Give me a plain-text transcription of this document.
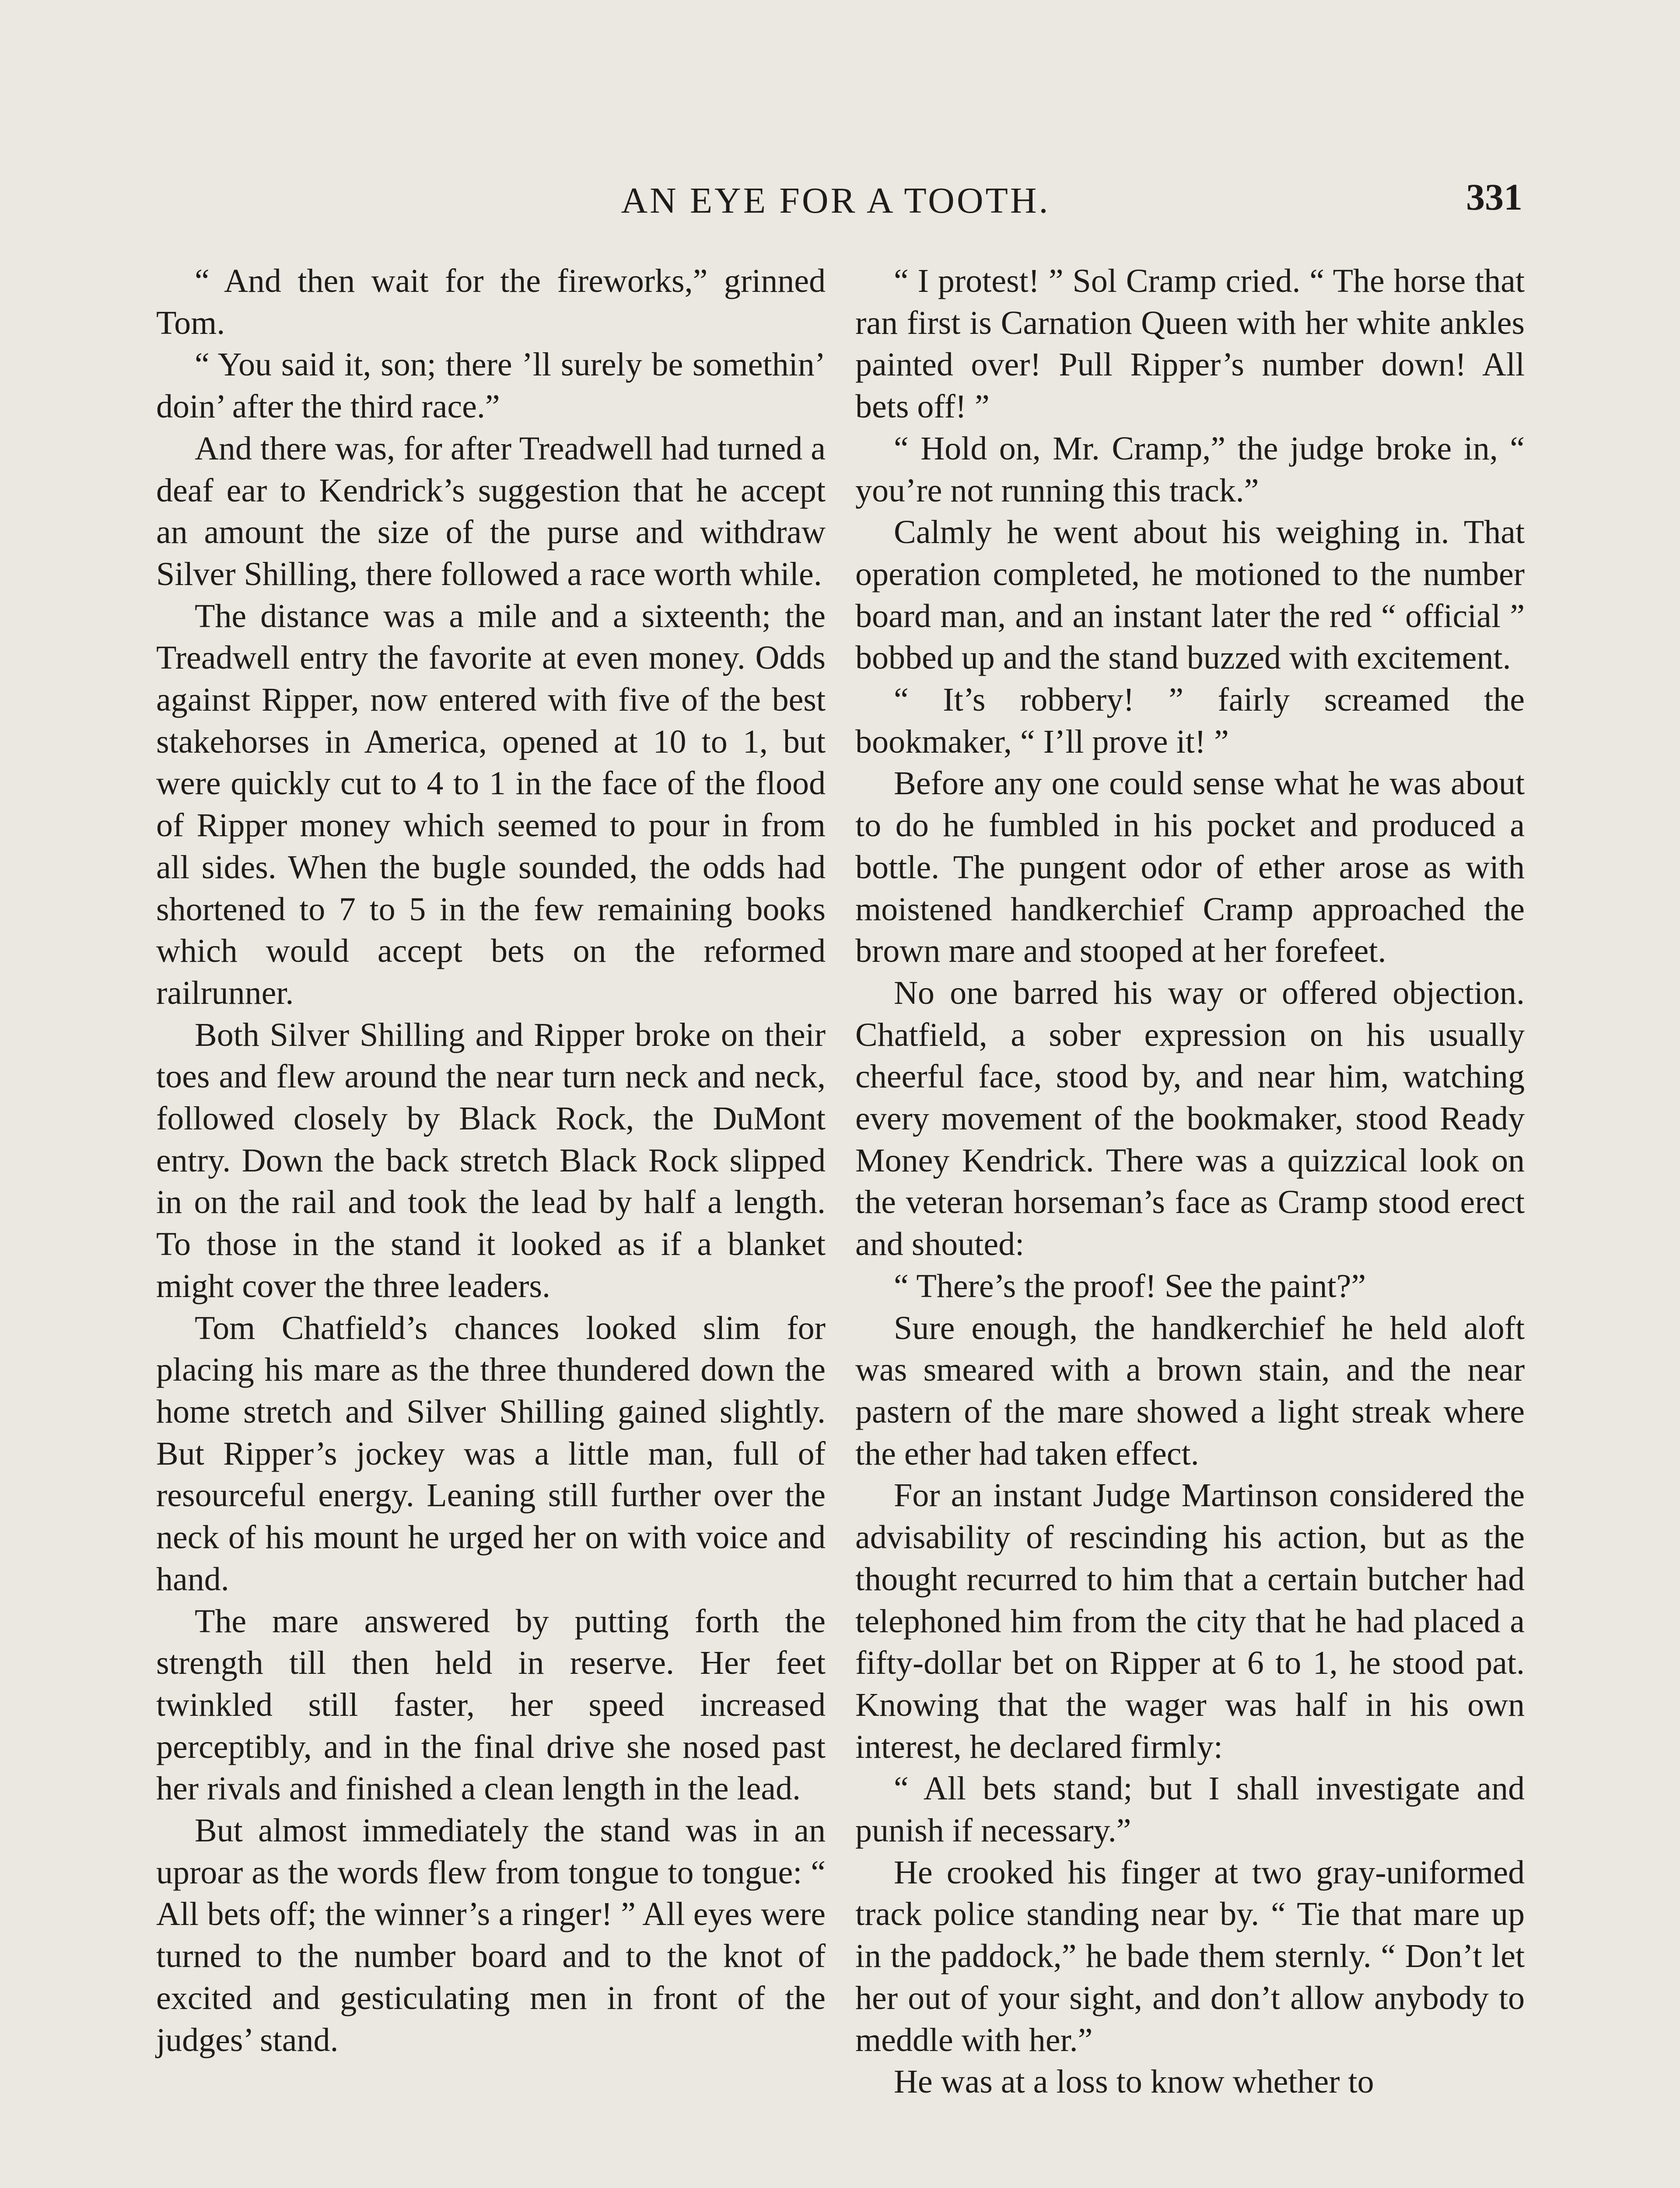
AN EYE FOR A TOOTH.	331

“ And then wait for the fireworks,” grinned Tom.

“ You said it, son; there ’ll surely be somethin’ doin’ after the third race.”

And there was, for after Treadwell had turned a deaf ear to Kendrick’s suggestion that he accept an amount the size of the purse and withdraw Silver Shilling, there followed a race worth while.

The distance was a mile and a sixteenth; the Treadwell entry the favorite at even money. Odds against Ripper, now entered with five of the best stakehorses in America, opened at 10 to 1, but were quickly cut to 4 to 1 in the face of the flood of Ripper money which seemed to pour in from all sides. When the bugle sounded, the odds had shortened to 7 to 5 in the few remaining books which would accept bets on the reformed railrunner.

Both Silver Shilling and Ripper broke on their toes and flew around the near turn neck and neck, followed closely by Black Rock, the DuMont entry. Down the back stretch Black Rock slipped in on the rail and took the lead by half a length. To those in the stand it looked as if a blanket might cover the three leaders.

Tom Chatfield’s chances looked slim for placing his mare as the three thundered down the home stretch and Silver Shilling gained slightly. But Ripper’s jockey was a little man, full of resourceful energy. Leaning still further over the neck of his mount he urged her on with voice and hand.

The mare answered by putting forth the strength till then held in reserve. Her feet twinkled still faster, her speed increased perceptibly, and in the final drive she nosed past her rivals and finished a clean length in the lead.

But almost immediately the stand was in an uproar as the words flew from tongue to tongue: “ All bets off; the winner’s a ringer! ” All eyes were turned to the number board and to the knot of excited and gesticulating men in front of the judges’ stand.

“ I protest! ” Sol Cramp cried. “ The horse that ran first is Carnation Queen with her white ankles painted over! Pull Ripper’s number down! All bets off! ”

“ Hold on, Mr. Cramp,” the judge broke in, “ you’re not running this track.”

Calmly he went about his weighing in. That operation completed, he motioned to the number board man, and an instant later the red “ official ” bobbed up and the stand buzzed with excitement.

“ It’s robbery! ” fairly screamed the bookmaker, “ I’ll prove it! ”

Before any one could sense what he was about to do he fumbled in his pocket and produced a bottle. The pungent odor of ether arose as with moistened handkerchief Cramp approached the brown mare and stooped at her forefeet.

No one barred his way or offered objection. Chatfield, a sober expression on his usually cheerful face, stood by, and near him, watching every movement of the bookmaker, stood Ready Money Kendrick. There was a quizzical look on the veteran horseman’s face as Cramp stood erect and shouted:

“ There’s the proof! See the paint?”

Sure enough, the handkerchief he held aloft was smeared with a brown stain, and the near pastern of the mare showed a light streak where the ether had taken effect.

For an instant Judge Martinson considered the advisability of rescinding his action, but as the thought recurred to him that a certain butcher had telephoned him from the city that he had placed a fifty-dollar bet on Ripper at 6 to 1, he stood pat. Knowing that the wager was half in his own interest, he declared firmly:

“ All bets stand; but I shall investigate and punish if necessary.”

He crooked his finger at two gray-uniformed track police standing near by. “ Tie that mare up in the paddock,” he bade them sternly. “ Don’t let her out of your sight, and don’t allow anybody to meddle with her.”

He was at a loss to know whether to
